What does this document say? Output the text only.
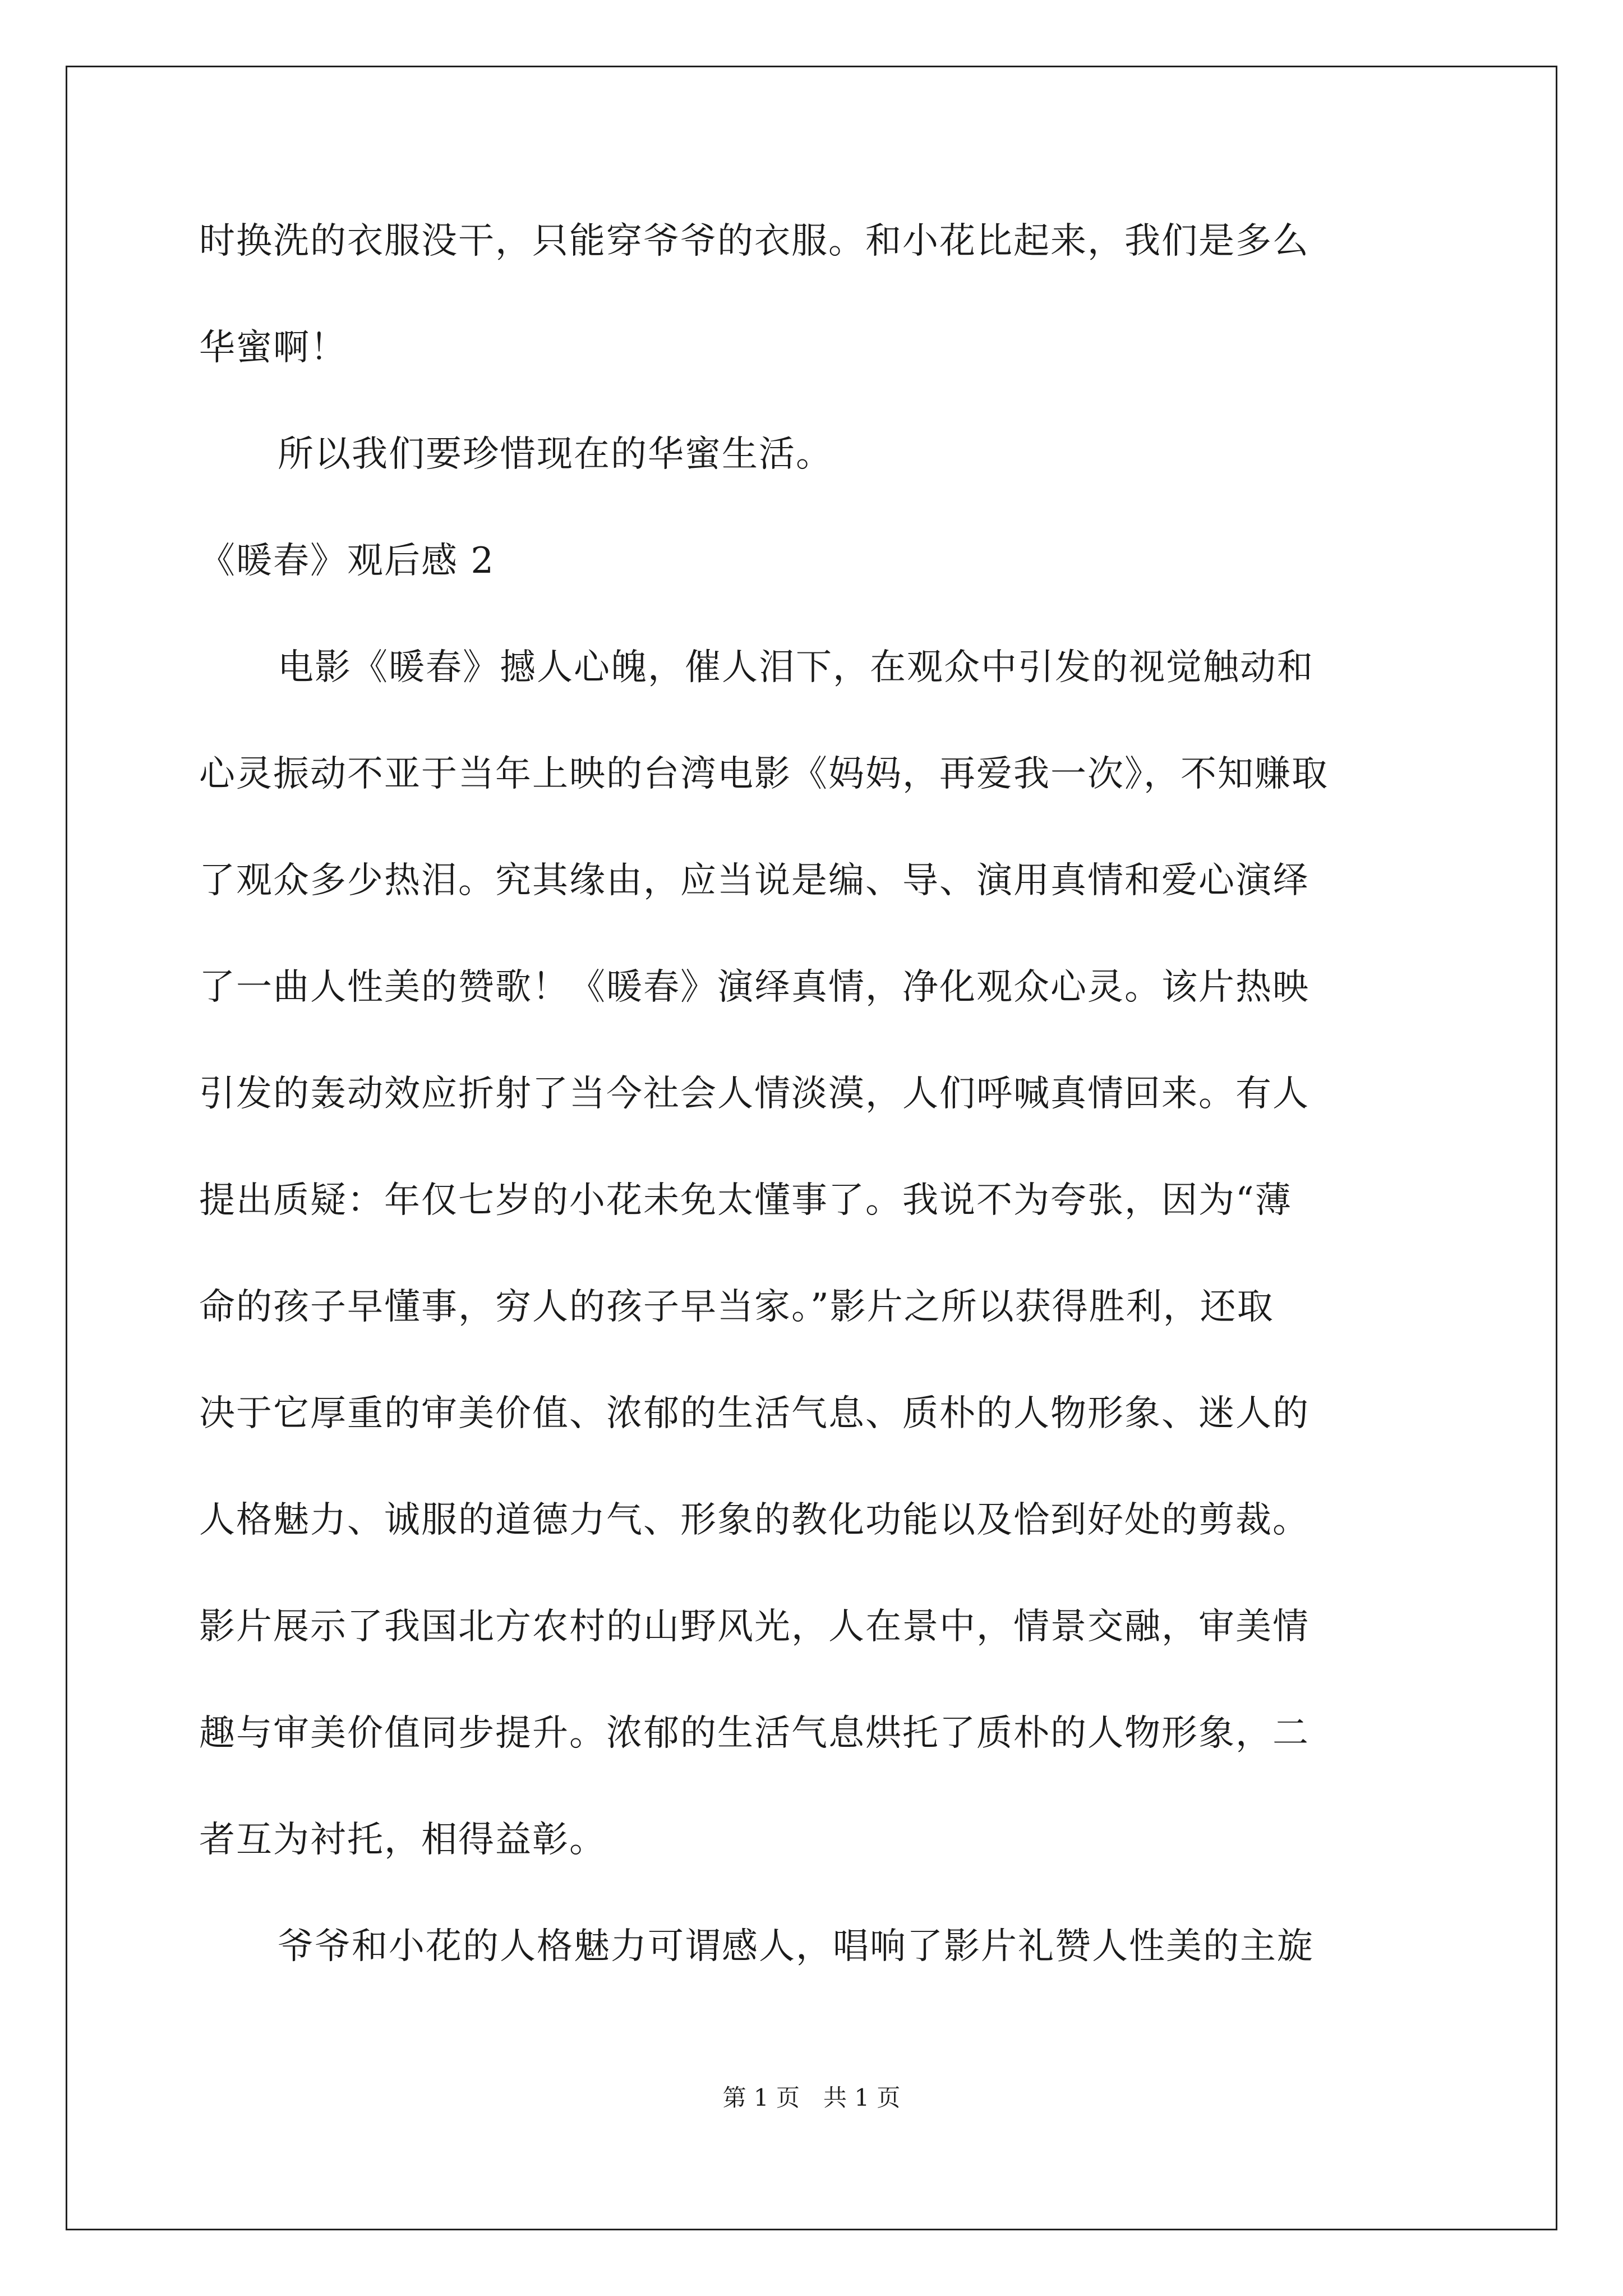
时换洗的衣服没干，只能穿爷爷的衣服。和小花比起来，我们是多么
华蜜啊！
所以我们要珍惜现在的华蜜生活。
《暖春》观后感 2
电影《暖春》撼人心魄，催人泪下，在观众中引发的视觉触动和
心灵振动不亚于当年上映的台湾电影《妈妈，再爱我一次》，不知赚取
了观众多少热泪。究其缘由，应当说是编、导、演用真情和爱心演绎
了一曲人性美的赞歌！《暖春》演绎真情，净化观众心灵。该片热映
引发的轰动效应折射了当今社会人情淡漠，人们呼喊真情回来。有人
提出质疑：年仅七岁的小花未免太懂事了。我说不为夸张，因为“薄
命的孩子早懂事，穷人的孩子早当家。”影片之所以获得胜利，还取
决于它厚重的审美价值、浓郁的生活气息、质朴的人物形象、迷人的
人格魅力、诚服的道德力气、形象的教化功能以及恰到好处的剪裁。
影片展示了我国北方农村的山野风光，人在景中，情景交融，审美情
趣与审美价值同步提升。浓郁的生活气息烘托了质朴的人物形象，二
者互为衬托，相得益彰。
爷爷和小花的人格魅力可谓感人，唱响了影片礼赞人性美的主旋
第 1 页　共 1 页
